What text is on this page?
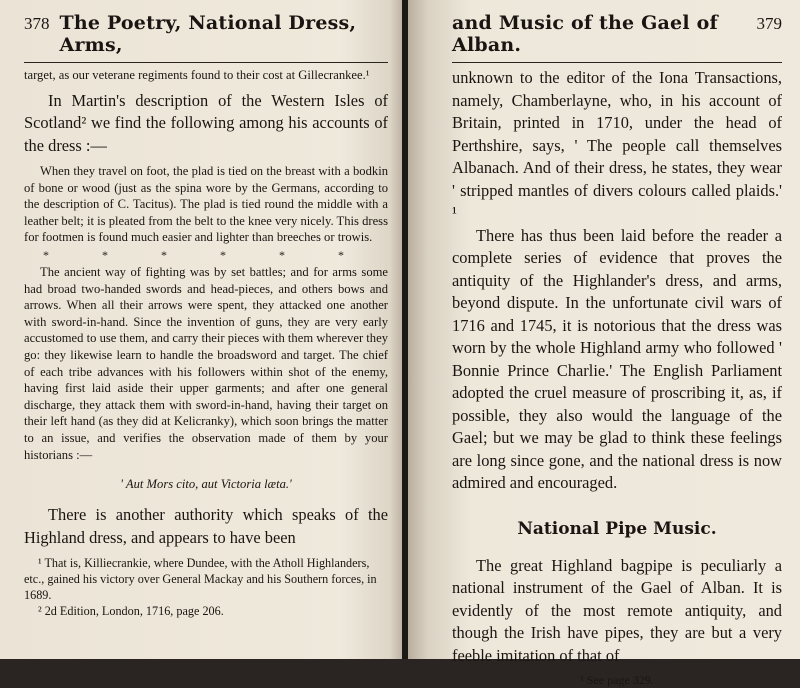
378 The Poetry, National Dress, Arms,

target, as our veterane regiments found to their cost at Gillecrankee.¹

In Martin's description of the Western Isles of Scotland² we find the following among his accounts of the dress :—

When they travel on foot, the plad is tied on the breast with a bodkin of bone or wood (just as the spina wore by the Germans, according to the description of C. Tacitus). The plad is tied round the middle with a leather belt; it is pleated from the belt to the knee very nicely. This dress for footmen is found much easier and lighter than breeches or trowis.

* * * * * *

The ancient way of fighting was by set battles; and for arms some had broad two-handed swords and head-pieces, and others bows and arrows. When all their arrows were spent, they attacked one another with sword-in-hand. Since the invention of guns, they are very early accustomed to use them, and carry their pieces with them wherever they go: they likewise learn to handle the broadsword and target. The chief of each tribe advances with his followers within shot of the enemy, having first laid aside their upper garments; and after one general discharge, they attack them with sword-in-hand, having their target on their left hand (as they did at Kelicranky), which soon brings the matter to an issue, and verifies the observation made of them by your historians :—

' Aut Mors cito, aut Victoria læta.'

There is another authority which speaks of the Highland dress, and appears to have been

¹ That is, Killiecrankie, where Dundee, with the Atholl Highlanders, etc., gained his victory over General Mackay and his Southern forces, in 1689.

² 2d Edition, London, 1716, page 206.

and Music of the Gael of Alban.
379

unknown to the editor of the Iona Transactions, namely, Chamberlayne, who, in his account of Britain, printed in 1710, under the head of Perthshire, says, ' The people call themselves Albanach. And of their dress, he states, they wear ' stripped mantles of divers colours called plaids.' ¹

There has thus been laid before the reader a complete series of evidence that proves the antiquity of the Highlander's dress, and arms, beyond dispute. In the unfortunate civil wars of 1716 and 1745, it is notorious that the dress was worn by the whole Highland army who followed ' Bonnie Prince Charlie.' The English Parliament adopted the cruel measure of proscribing it, as, if possible, they also would the language of the Gael; but we may be glad to think these feelings are long since gone, and the national dress is now admired and encouraged.

National Pipe Music.

The great Highland bagpipe is peculiarly a national instrument of the Gael of Alban. It is evidently of the most remote antiquity, and though the Irish have pipes, they are but a very feeble imitation of that of

¹ See page 329.
